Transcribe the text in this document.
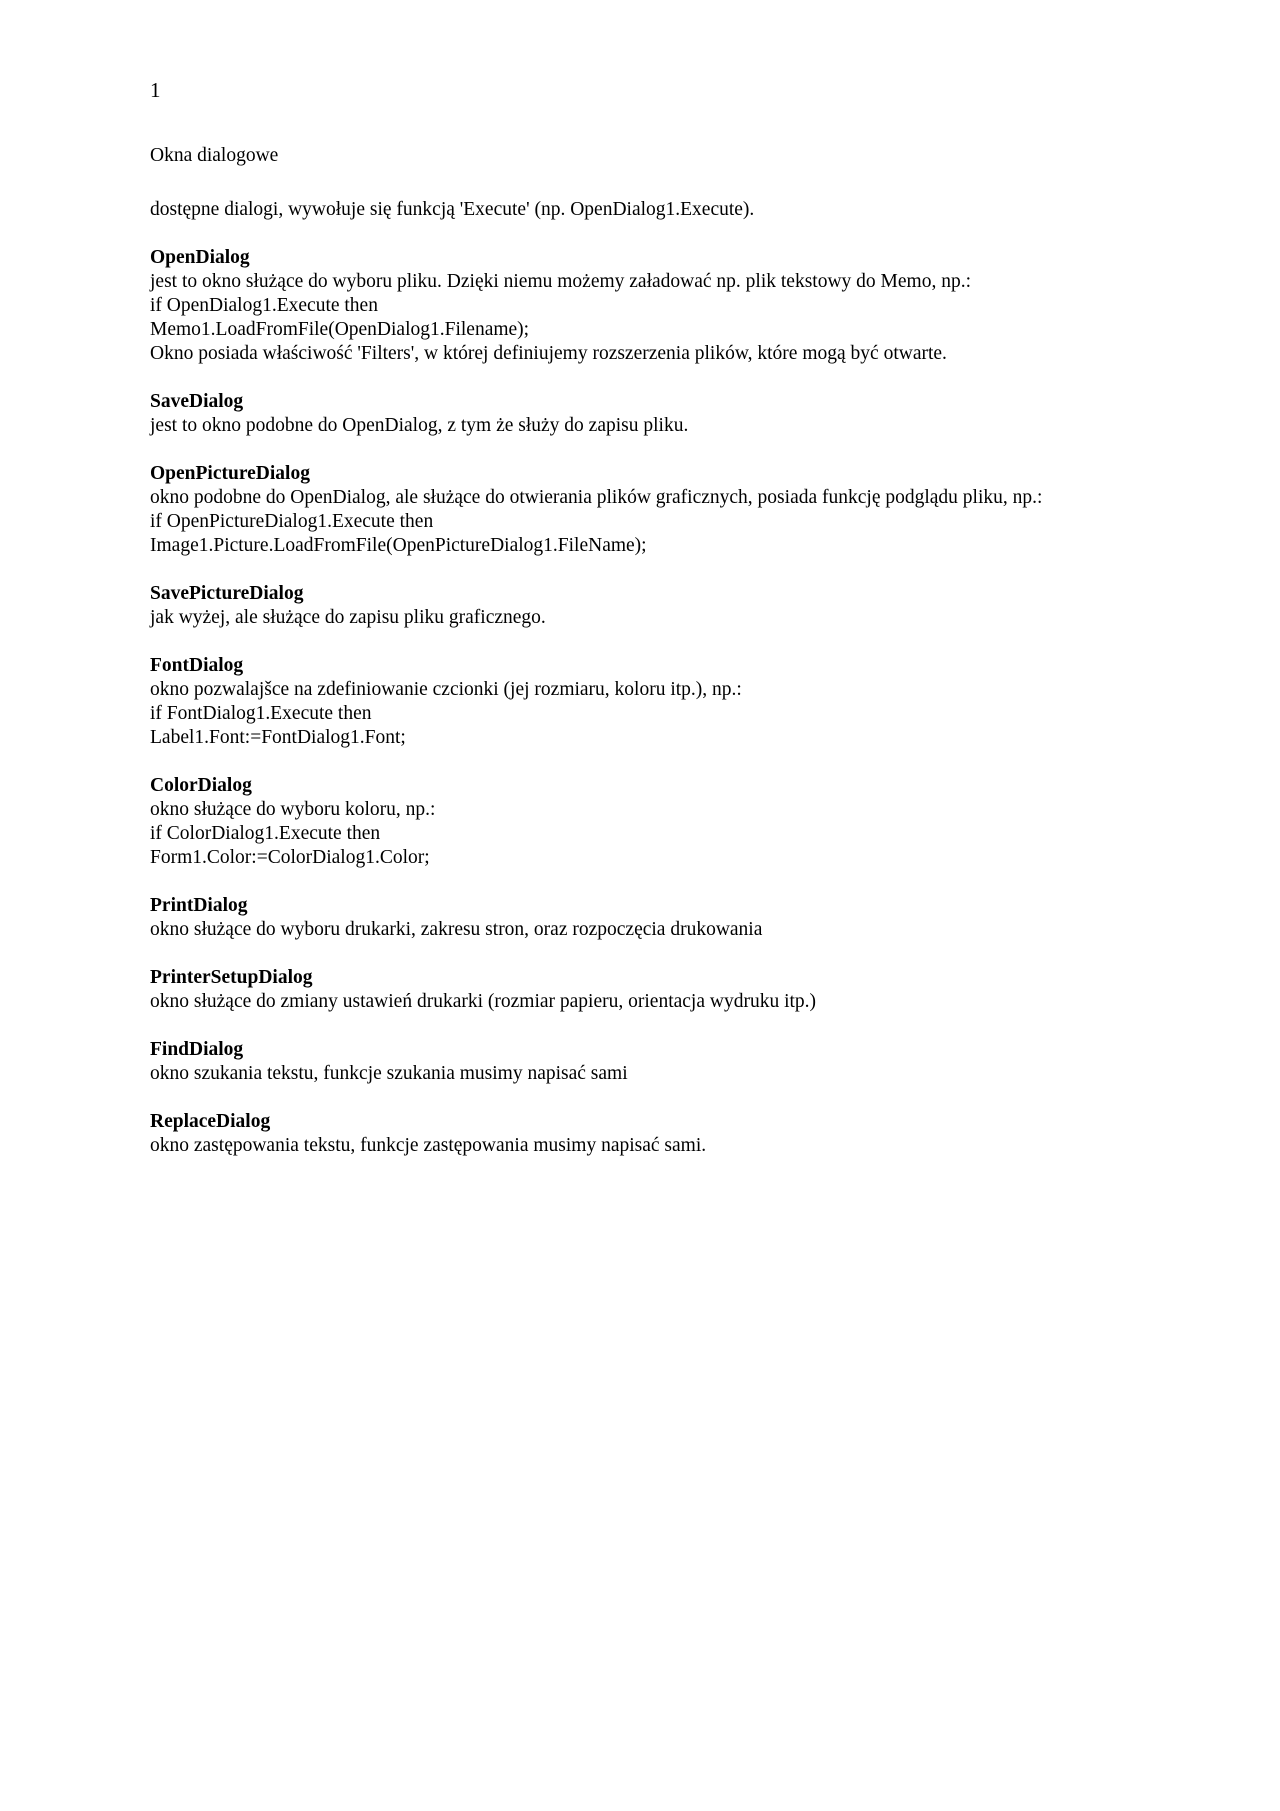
1

Okna dialogowe

dostępne dialogi, wywołuje się funkcją 'Execute' (np. OpenDialog1.Execute).

OpenDialog

jest to okno służące do wyboru pliku. Dzięki niemu możemy załadować np. plik tekstowy do Memo, np.:

if OpenDialog1.Execute then

Memo1.LoadFromFile(OpenDialog1.Filename);

Okno posiada właściwość 'Filters', w której definiujemy rozszerzenia plików, które mogą być otwarte.

SaveDialog

jest to okno podobne do OpenDialog, z tym że służy do zapisu pliku.

OpenPictureDialog

okno podobne do OpenDialog, ale służące do otwierania plików graficznych, posiada funkcję podglądu pliku, np.:

if OpenPictureDialog1.Execute then

Image1.Picture.LoadFromFile(OpenPictureDialog1.FileName);

SavePictureDialog

jak wyżej, ale służące do zapisu pliku graficznego.

FontDialog

okno pozwalajšce na zdefiniowanie czcionki (jej rozmiaru, koloru itp.), np.:

if FontDialog1.Execute then

Label1.Font:=FontDialog1.Font;

ColorDialog

okno służące do wyboru koloru, np.:

if ColorDialog1.Execute then

Form1.Color:=ColorDialog1.Color;

PrintDialog

okno służące do wyboru drukarki, zakresu stron, oraz rozpoczęcia drukowania

PrinterSetupDialog

okno służące do zmiany ustawień drukarki (rozmiar papieru, orientacja wydruku itp.)

FindDialog

okno szukania tekstu, funkcje szukania musimy napisać sami

ReplaceDialog

okno zastępowania tekstu, funkcje zastępowania musimy napisać sami.
